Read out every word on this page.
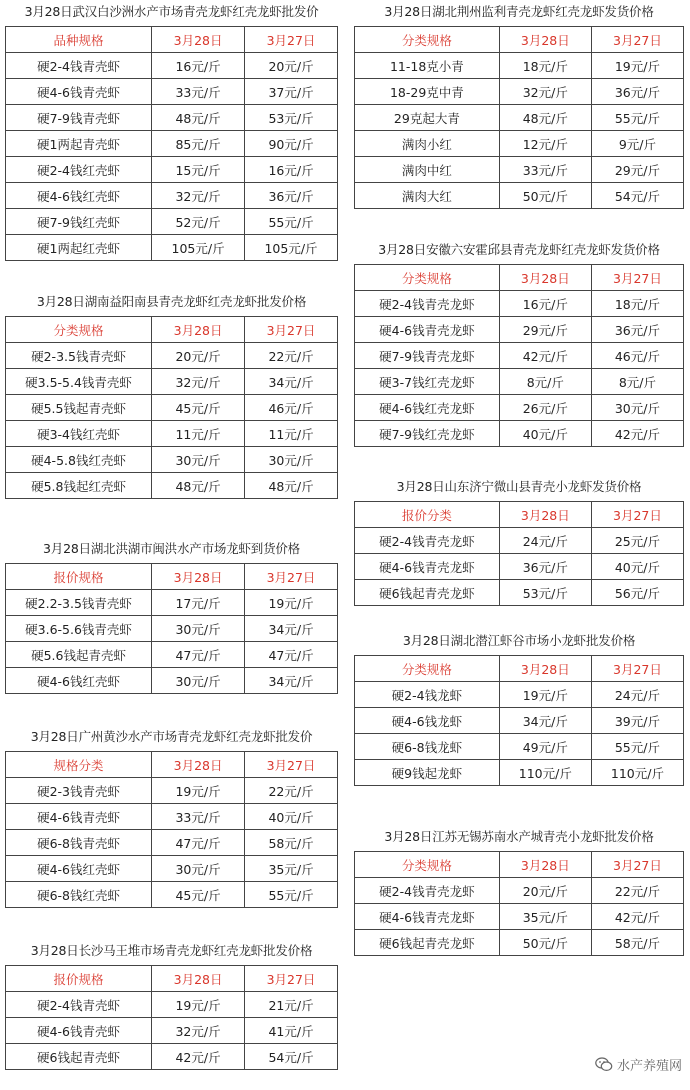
3月28日武汉白沙洲水产市场青壳龙虾红壳龙虾批发价
品种规格	3月28日	3月27日
硬2-4钱青壳虾	16元/斤	20元/斤
硬4-6钱青壳虾	33元/斤	37元/斤
硬7-9钱青壳虾	48元/斤	53元/斤
硬1两起青壳虾	85元/斤	90元/斤
硬2-4钱红壳虾	15元/斤	16元/斤
硬4-6钱红壳虾	32元/斤	36元/斤
硬7-9钱红壳虾	52元/斤	55元/斤
硬1两起红壳虾	105元/斤	105元/斤
3月28日湖南益阳南县青壳龙虾红壳龙虾批发价格
分类规格	3月28日	3月27日
硬2-3.5钱青壳虾	20元/斤	22元/斤
硬3.5-5.4钱青壳虾	32元/斤	34元/斤
硬5.5钱起青壳虾	45元/斤	46元/斤
硬3-4钱红壳虾	11元/斤	11元/斤
硬4-5.8钱红壳虾	30元/斤	30元/斤
硬5.8钱起红壳虾	48元/斤	48元/斤
3月28日湖北洪湖市闽洪水产市场龙虾到货价格
报价规格	3月28日	3月27日
硬2.2-3.5钱青壳虾	17元/斤	19元/斤
硬3.6-5.6钱青壳虾	30元/斤	34元/斤
硬5.6钱起青壳虾	47元/斤	47元/斤
硬4-6钱红壳虾	30元/斤	34元/斤
3月28日广州黄沙水产市场青壳龙虾红壳龙虾批发价
规格分类	3月28日	3月27日
硬2-3钱青壳虾	19元/斤	22元/斤
硬4-6钱青壳虾	33元/斤	40元/斤
硬6-8钱青壳虾	47元/斤	58元/斤
硬4-6钱红壳虾	30元/斤	35元/斤
硬6-8钱红壳虾	45元/斤	55元/斤
3月28日长沙马王堆市场青壳龙虾红壳龙虾批发价格
报价规格	3月28日	3月27日
硬2-4钱青壳虾	19元/斤	21元/斤
硬4-6钱青壳虾	32元/斤	41元/斤
硬6钱起青壳虾	42元/斤	54元/斤
3月28日湖北荆州监利青壳龙虾红壳龙虾发货价格
分类规格	3月28日	3月27日
11-18克小青	18元/斤	19元/斤
18-29克中青	32元/斤	36元/斤
29克起大青	48元/斤	55元/斤
满肉小红	12元/斤	9元/斤
满肉中红	33元/斤	29元/斤
满肉大红	50元/斤	54元/斤
3月28日安徽六安霍邱县青壳龙虾红壳龙虾发货价格
分类规格	3月28日	3月27日
硬2-4钱青壳龙虾	16元/斤	18元/斤
硬4-6钱青壳龙虾	29元/斤	36元/斤
硬7-9钱青壳龙虾	42元/斤	46元/斤
硬3-7钱红壳龙虾	8元/斤	8元/斤
硬4-6钱红壳龙虾	26元/斤	30元/斤
硬7-9钱红壳龙虾	40元/斤	42元/斤
3月28日山东济宁微山县青壳小龙虾发货价格
报价分类	3月28日	3月27日
硬2-4钱青壳龙虾	24元/斤	25元/斤
硬4-6钱青壳龙虾	36元/斤	40元/斤
硬6钱起青壳龙虾	53元/斤	56元/斤
3月28日湖北潜江虾谷市场小龙虾批发价格
分类规格	3月28日	3月27日
硬2-4钱龙虾	19元/斤	24元/斤
硬4-6钱龙虾	34元/斤	39元/斤
硬6-8钱龙虾	49元/斤	55元/斤
硬9钱起龙虾	110元/斤	110元/斤
3月28日江苏无锡苏南水产城青壳小龙虾批发价格
分类规格	3月28日	3月27日
硬2-4钱青壳龙虾	20元/斤	22元/斤
硬4-6钱青壳龙虾	35元/斤	42元/斤
硬6钱起青壳龙虾	50元/斤	58元/斤
水产养殖网
